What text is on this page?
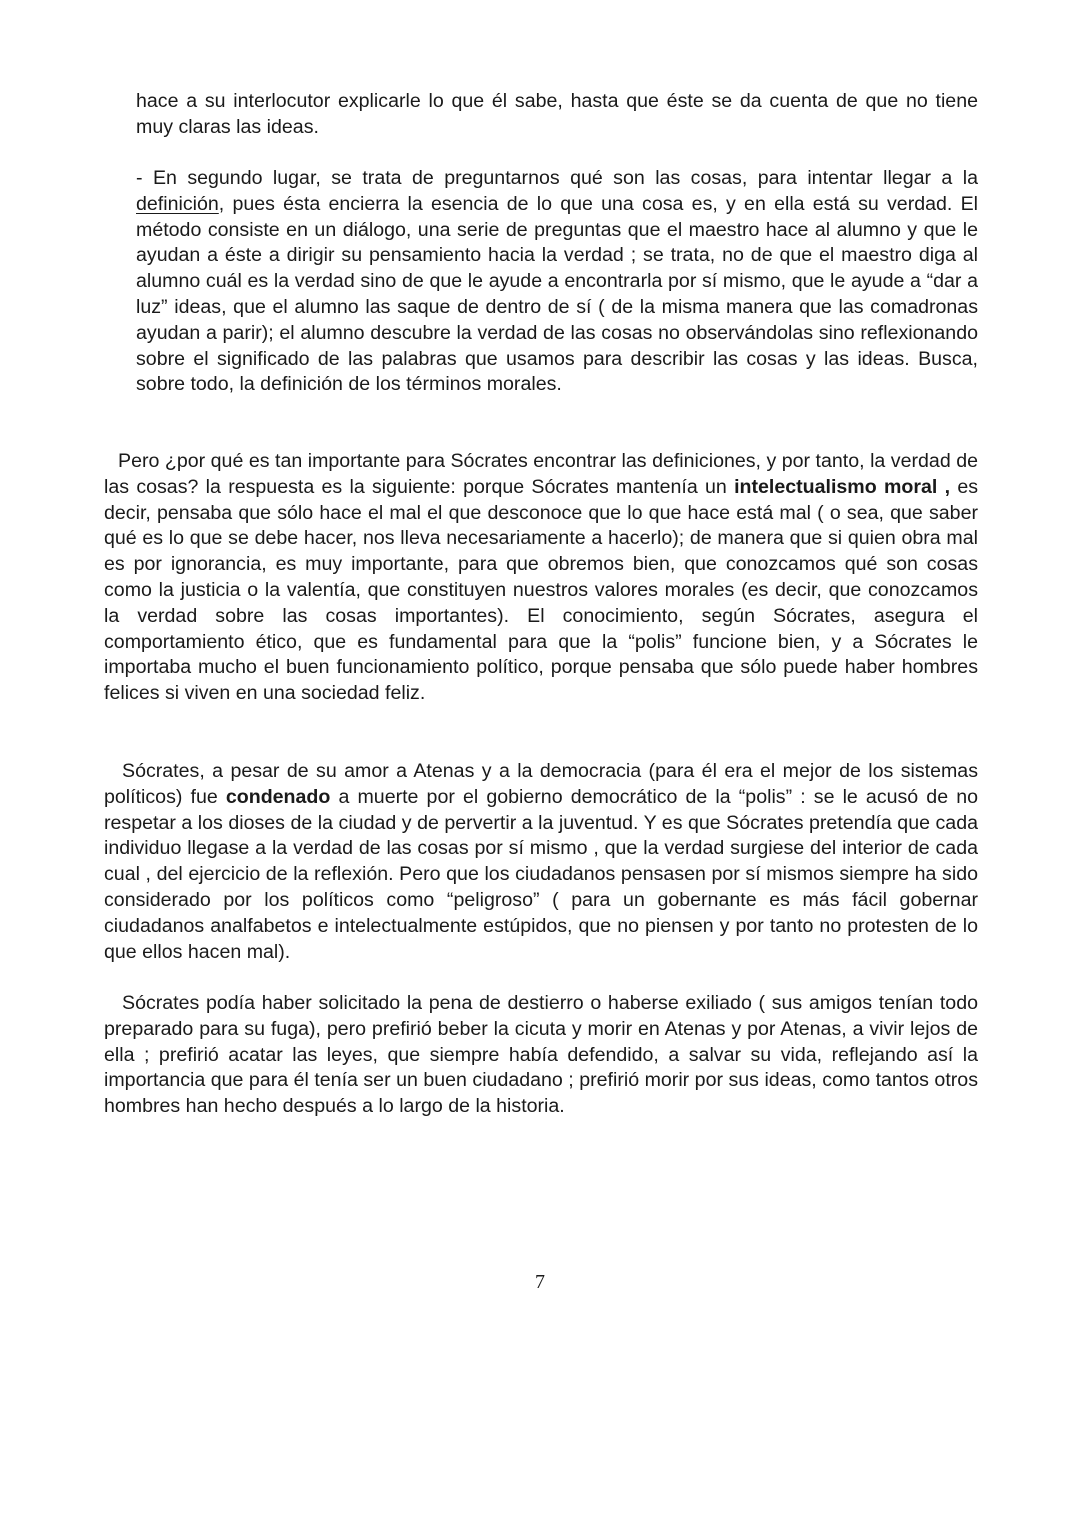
hace a su interlocutor explicarle lo que él sabe, hasta que éste se da cuenta de que no tiene muy claras las ideas.

- En segundo lugar, se trata de preguntarnos qué son las cosas, para intentar llegar a la definición, pues ésta encierra la esencia de lo que una cosa es, y en ella está su verdad. El método consiste en un diálogo, una serie de preguntas que el maestro hace al alumno y que le ayudan a éste a dirigir su pensamiento hacia la verdad ; se trata, no de que el maestro diga al alumno cuál es la verdad sino de que le ayude a encontrarla por sí mismo, que le ayude a “dar a luz” ideas, que el alumno las saque de dentro de sí ( de la misma manera que las comadronas ayudan a parir); el alumno descubre la verdad de las cosas no observándolas sino reflexionando sobre el significado de las palabras que usamos para describir las cosas y las ideas. Busca, sobre todo, la definición de los términos morales.

Pero ¿por qué es tan importante para Sócrates encontrar las definiciones, y por tanto, la verdad de las cosas? la respuesta es la siguiente: porque Sócrates mantenía un intelectualismo moral , es decir, pensaba que sólo hace el mal el que desconoce que lo que hace está mal ( o sea, que saber qué es lo que se debe hacer, nos lleva necesariamente a hacerlo); de manera que si quien obra mal es por ignorancia, es muy importante, para que obremos bien, que conozcamos qué son cosas como la justicia o la valentía, que constituyen nuestros valores morales (es decir, que conozcamos la verdad sobre las cosas importantes). El conocimiento, según Sócrates, asegura el comportamiento ético, que es fundamental para que la “polis” funcione bien, y a Sócrates le importaba mucho el buen funcionamiento político, porque pensaba que sólo puede haber hombres felices si viven en una sociedad feliz.

Sócrates, a pesar de su amor a Atenas y a la democracia (para él era el mejor de los sistemas políticos) fue condenado a muerte por el gobierno democrático de la “polis” : se le acusó de no respetar a los dioses de la ciudad y de pervertir a la juventud. Y es que Sócrates pretendía que cada individuo llegase a la verdad de las cosas por sí mismo , que la verdad surgiese del interior de cada cual , del ejercicio de la reflexión. Pero que los ciudadanos pensasen por sí mismos siempre ha sido considerado por los políticos como “peligroso” ( para un gobernante es más fácil gobernar ciudadanos analfabetos e intelectualmente estúpidos, que no piensen y por tanto no protesten de lo que ellos hacen mal).

Sócrates podía haber solicitado la pena de destierro o haberse exiliado ( sus amigos tenían todo preparado para su fuga), pero prefirió beber la cicuta y morir en Atenas y por Atenas, a vivir lejos de ella ; prefirió acatar las leyes, que siempre había defendido, a salvar su vida, reflejando así la importancia que para él tenía ser un buen ciudadano ; prefirió morir por sus ideas, como tantos otros hombres han hecho después a lo largo de la historia.

7
